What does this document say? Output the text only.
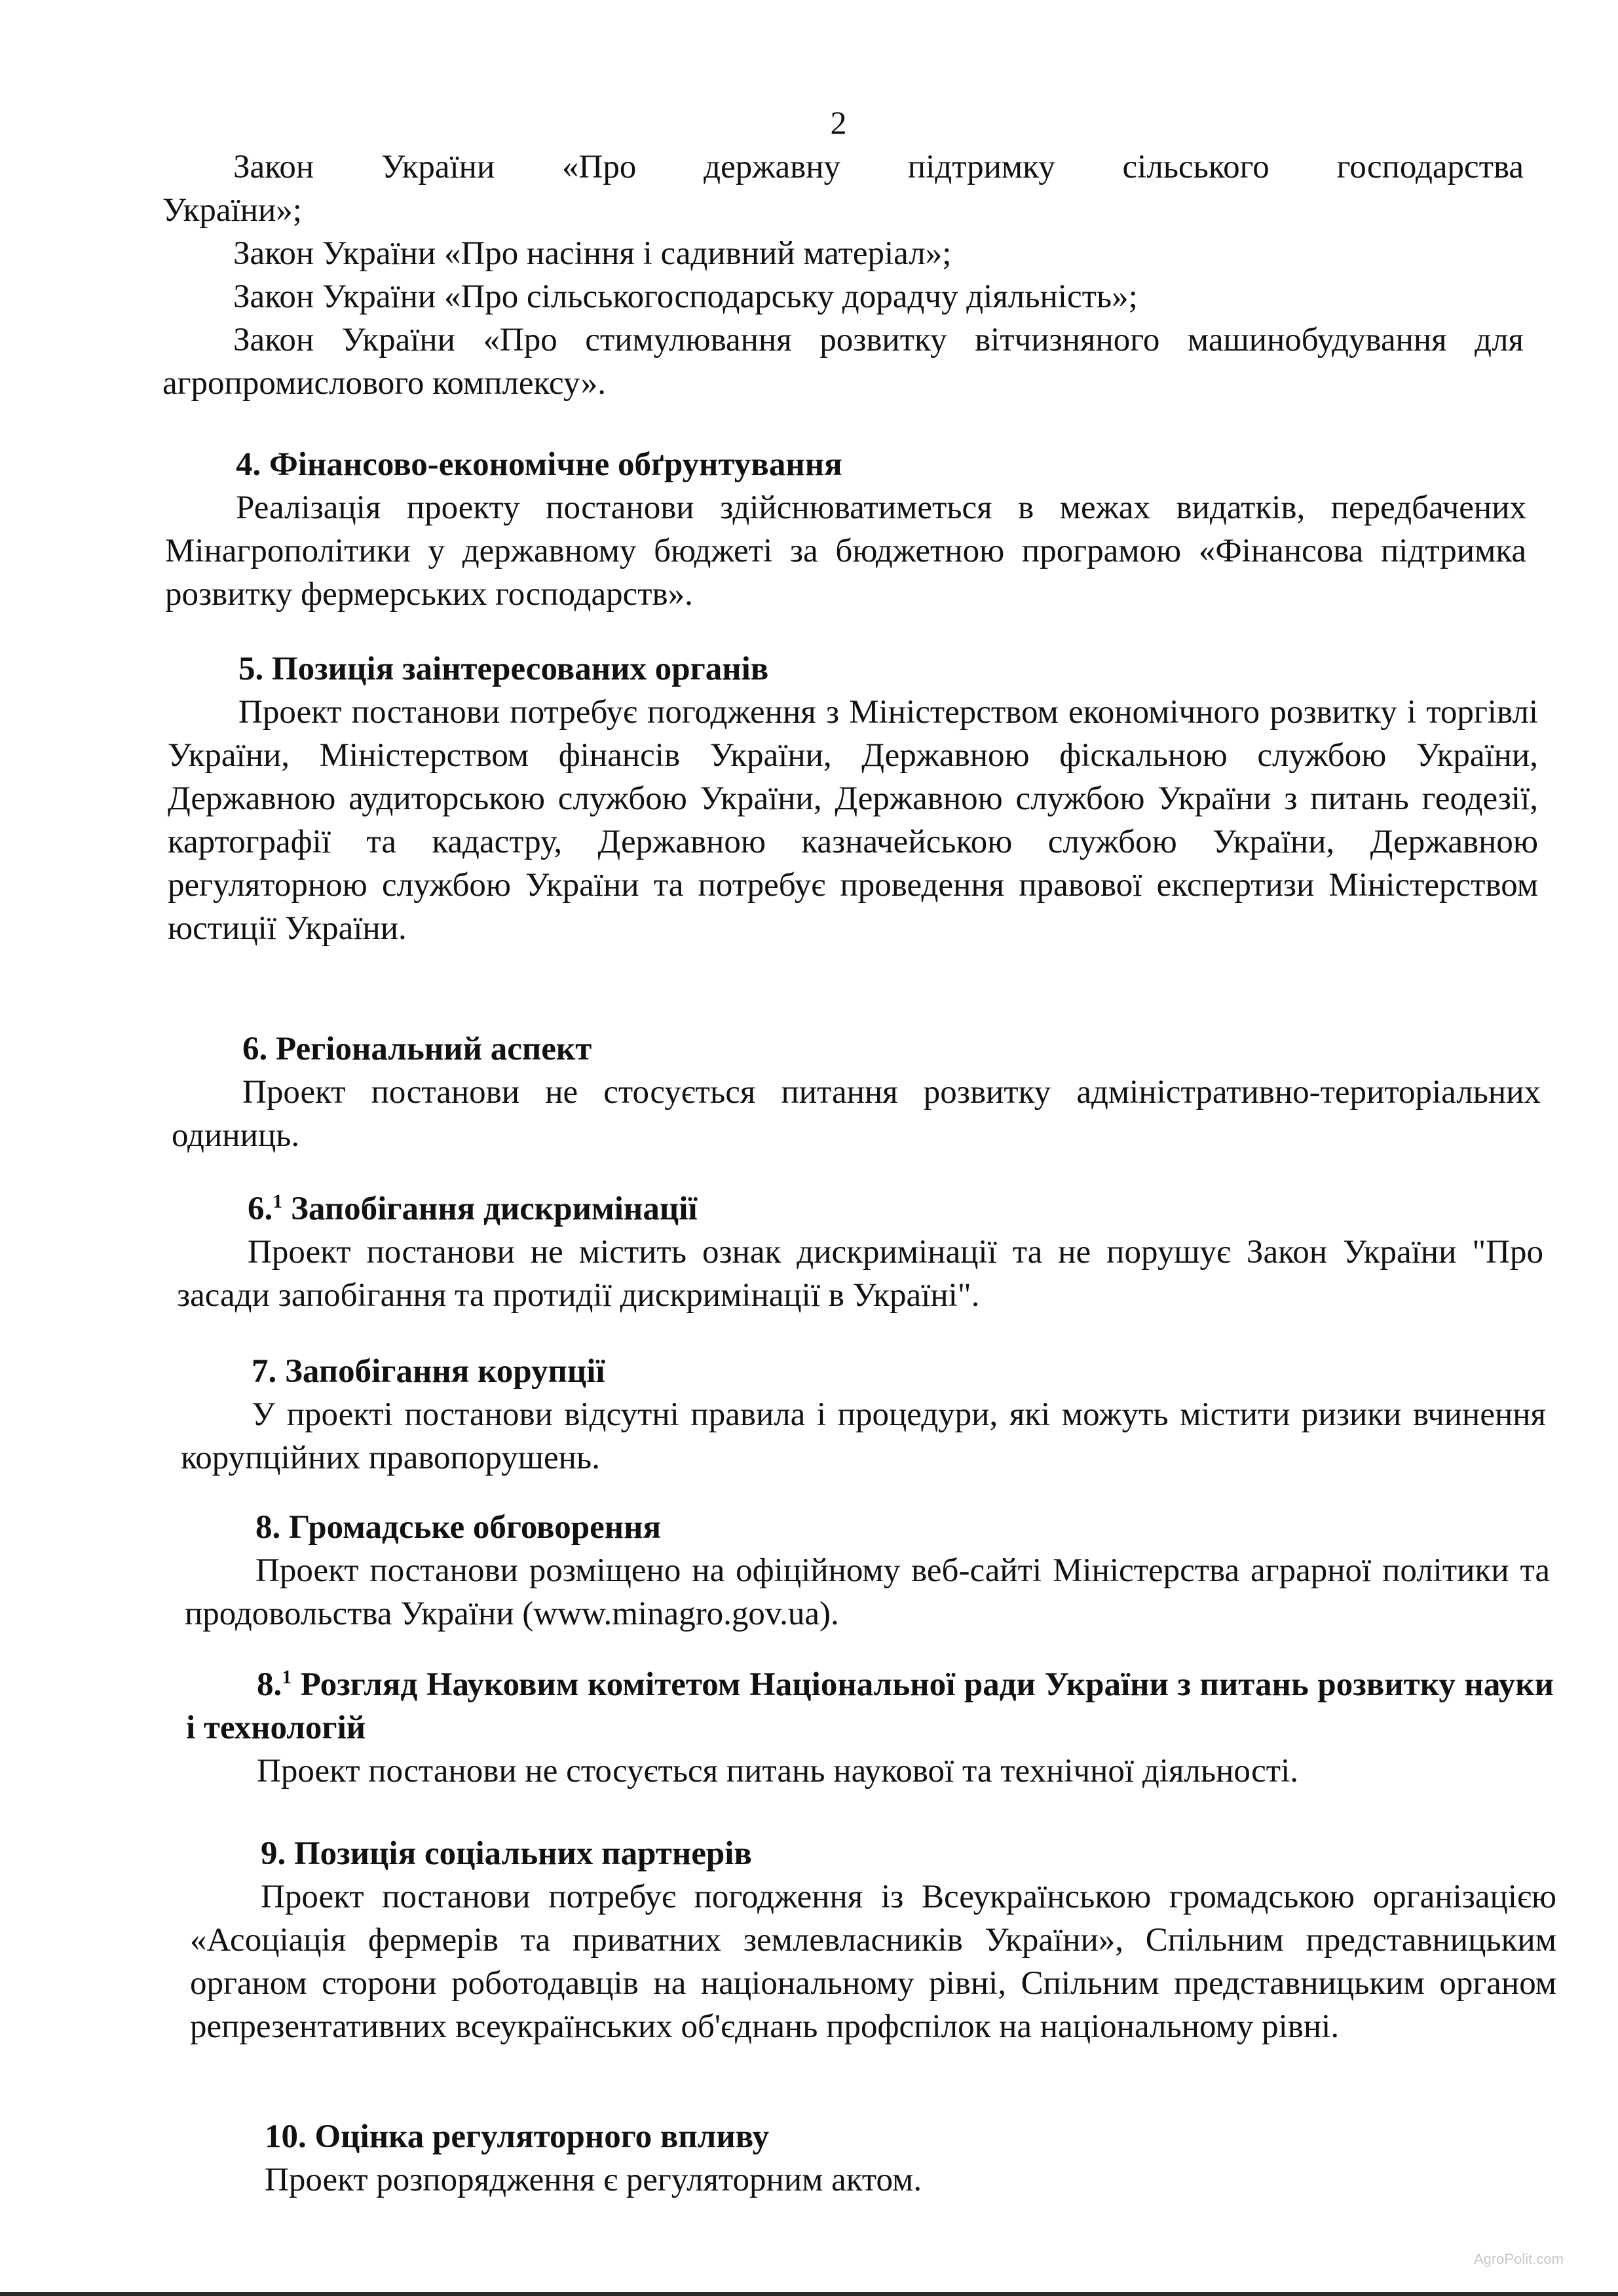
2

Закон України «Про державну підтримку сільського господарства

України»;

Закон України «Про насіння і садивний матеріал»;

Закон України «Про сільськогосподарську дорадчу діяльність»;

Закон України «Про стимулювання розвитку вітчизняного машинобудування для агропромислового комплексу».

4. Фінансово-економічне обґрунтування

Реалізація проекту постанови здійснюватиметься в межах видатків, передбачених Мінагрополітики у державному бюджеті за бюджетною програмою «Фінансова підтримка розвитку фермерських господарств».

5. Позиція заінтересованих органів

Проект постанови потребує погодження з Міністерством економічного розвитку і торгівлі України, Міністерством фінансів України, Державною фіскальною службою України, Державною аудиторською службою України, Державною службою України з питань геодезії, картографії та кадастру, Державною казначейською службою України, Державною регуляторною службою України та потребує проведення правової експертизи Міністерством юстиції України.

6. Регіональний аспект

Проект постанови не стосується питання розвитку адміністративно-територіальних одиниць.

6.$^1$ Запобігання дискримінації

Проект постанови не містить ознак дискримінації та не порушує Закон України "Про засади запобігання та протидії дискримінації в Україні".

7. Запобігання корупції

У проекті постанови відсутні правила і процедури, які можуть містити ризики вчинення корупційних правопорушень.

8. Громадське обговорення

Проект постанови розміщено на офіційному веб-сайті Міністерства аграрної політики та продовольства України (www.minagro.gov.ua).

8.$^1$ Розгляд Науковим комітетом Національної ради України з питань розвитку науки і технологій

Проект постанови не стосується питань наукової та технічної діяльності.

9. Позиція соціальних партнерів

Проект постанови потребує погодження із Всеукраїнською громадською організацією «Асоціація фермерів та приватних землевласників України», Спільним представницьким органом сторони роботодавців на національному рівні, Спільним представницьким органом репрезентативних всеукраїнських об'єднань профспілок на національному рівні.

10. Оцінка регуляторного впливу

Проект розпорядження є регуляторним актом.

AgroPolit.com
